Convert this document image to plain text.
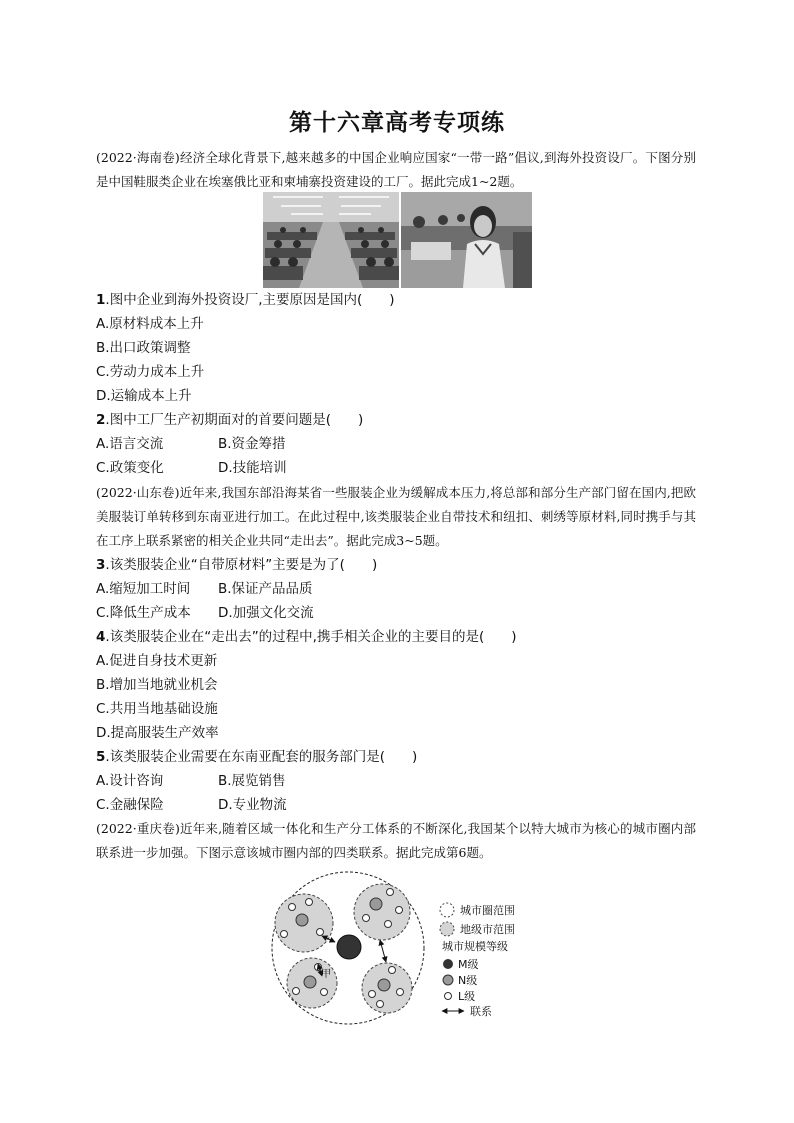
第十六章高考专项练
(2022·海南卷)经济全球化背景下,越来越多的中国企业响应国家“一带一路”倡议,到海外投资设厂。下图分别是中国鞋服类企业在埃塞俄比亚和柬埔寨投资建设的工厂。据此完成1~2题。
1.图中企业到海外投资设厂,主要原因是国内(　　)
A.原材料成本上升
B.出口政策调整
C.劳动力成本上升
D.运输成本上升
2.图中工厂生产初期面对的首要问题是(　　)
A.语言交流	B.资金筹措
C.政策变化	D.技能培训
(2022·山东卷)近年来,我国东部沿海某省一些服装企业为缓解成本压力,将总部和部分生产部门留在国内,把欧美服装订单转移到东南亚进行加工。在此过程中,该类服装企业自带技术和纽扣、刺绣等原材料,同时携手与其在工序上联系紧密的相关企业共同“走出去”。据此完成3~5题。
3.该类服装企业“自带原材料”主要是为了(　　)
A.缩短加工时间 B.保证产品品质
C.降低生产成本 D.加强文化交流
4.该类服装企业在“走出去”的过程中,携手相关企业的主要目的是(　　)
A.促进自身技术更新
B.增加当地就业机会
C.共用当地基础设施
D.提高服装生产效率
5.该类服装企业需要在东南亚配套的服务部门是(　　)
A.设计咨询	B.展览销售
C.金融保险	D.专业物流
(2022·重庆卷)近年来,随着区域一体化和生产分工体系的不断深化,我国某个以特大城市为核心的城市圈内部联系进一步加强。下图示意该城市圈内部的四类联系。据此完成第6题。
甲
城市圈范围
地级市范围
城市规模等级
M级
N级
L级
联系
